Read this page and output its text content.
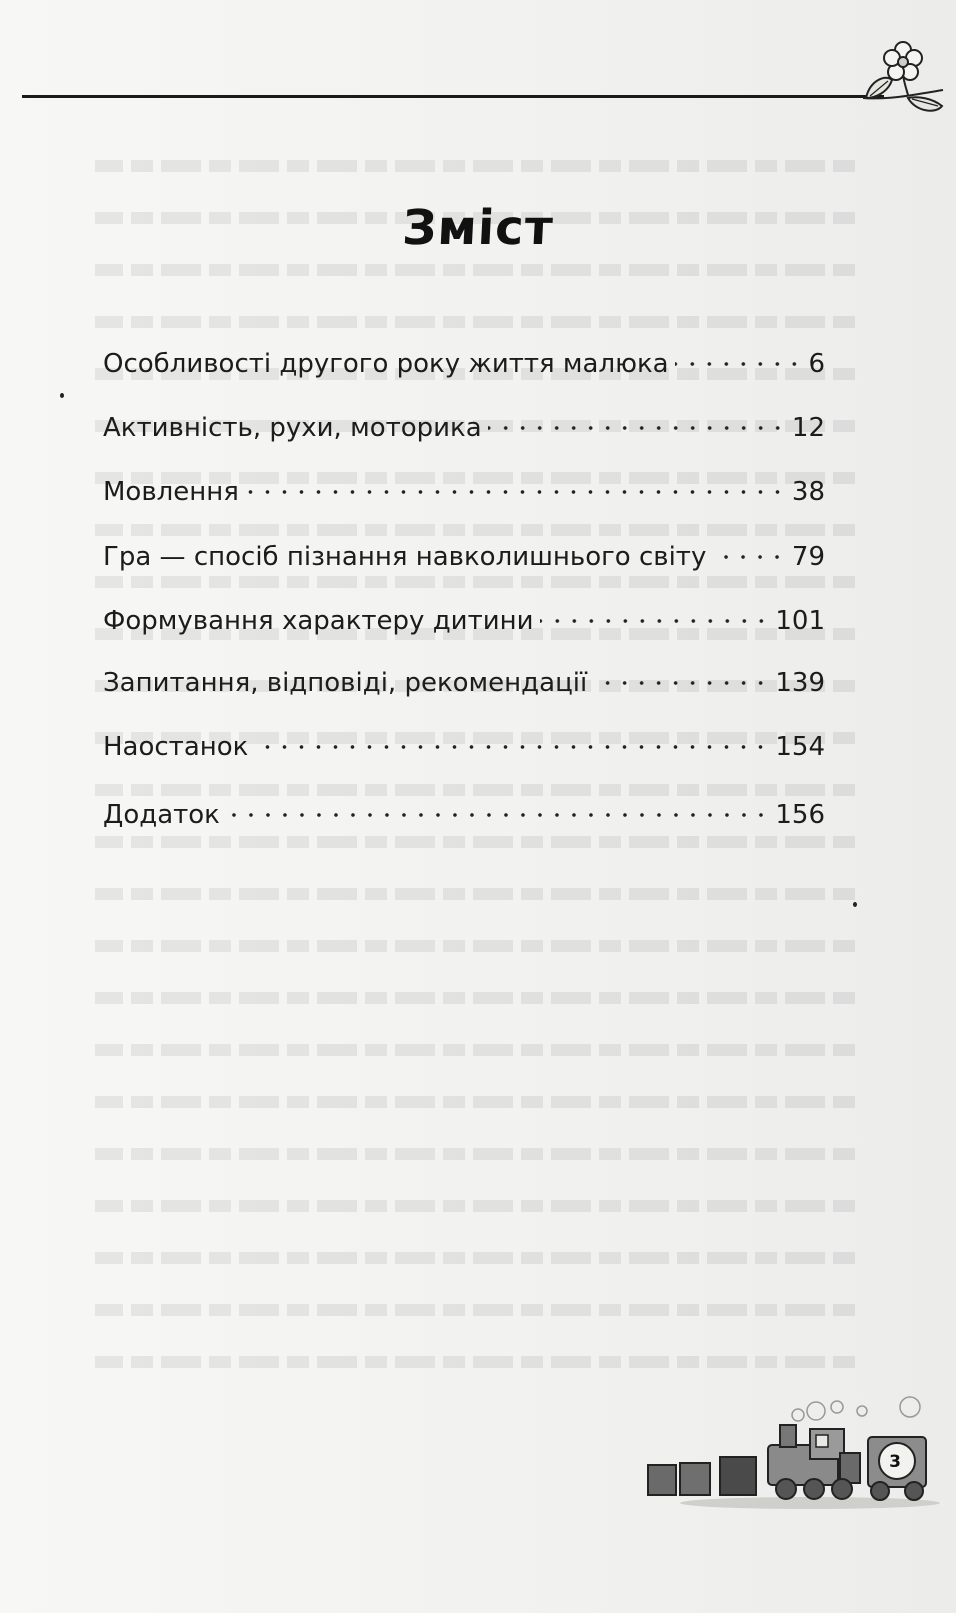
Зміст
Особливості другого року життя малюка	6
Активність, рухи, моторика	12
Мовлення	38
Гра — спосіб пізнання навколишнього світу	79
Формування характеру дитини	101
Запитання, відповіді, рекомендації	139
Наостанок	154
Додаток	156
3
